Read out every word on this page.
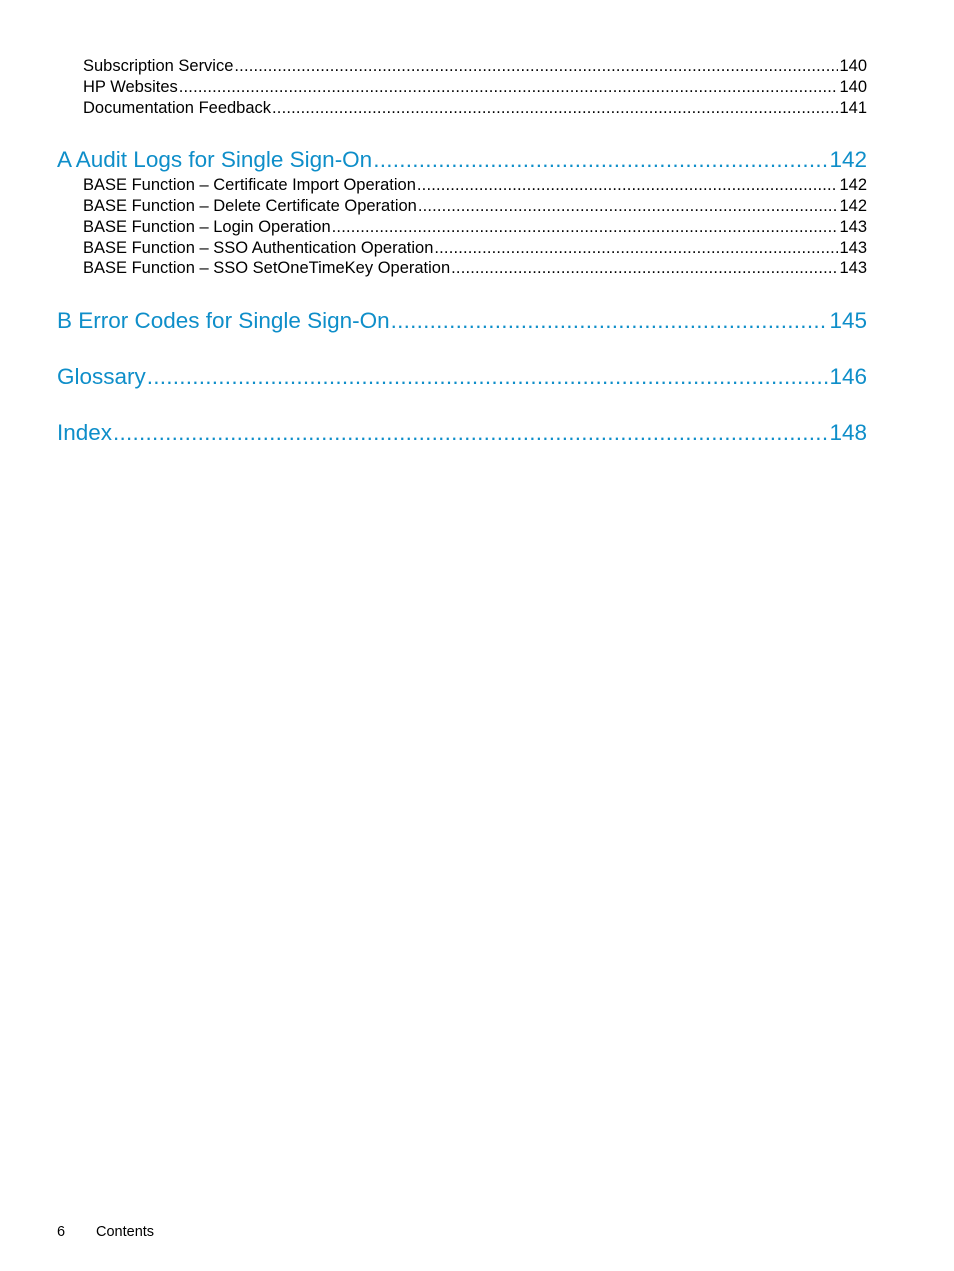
Subscription Service . . .	140
HP Websites . . .	140
Documentation Feedback . . .	141
A Audit Logs for Single Sign-On . . .	142
BASE Function – Certificate Import Operation . . .	142
BASE Function – Delete Certificate Operation . . .	142
BASE Function – Login Operation . . .	143
BASE Function – SSO Authentication Operation . . .	143
BASE Function – SSO SetOneTimeKey Operation . . .	143
B Error Codes for Single Sign-On . . .	145
Glossary . . .	146
Index . . .	148
6 Contents
